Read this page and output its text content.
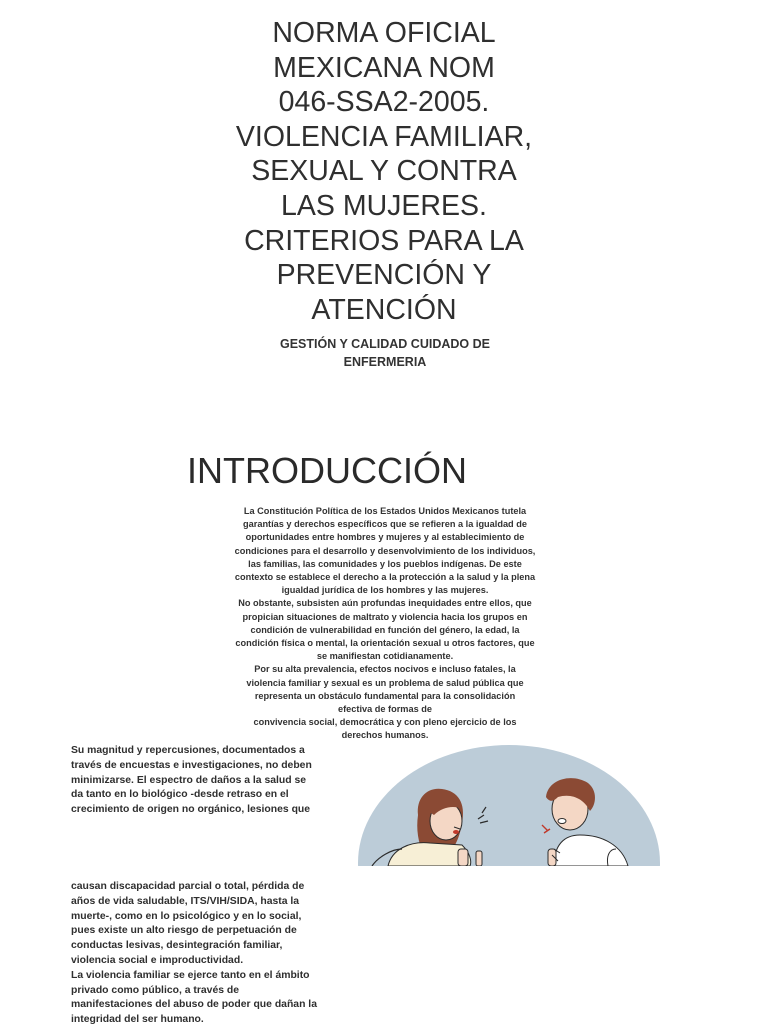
NORMA OFICIAL
MEXICANA NOM
046-SSA2-2005.
VIOLENCIA FAMILIAR,
SEXUAL Y CONTRA
LAS MUJERES.
CRITERIOS PARA LA
PREVENCIÓN Y
ATENCIÓN
GESTIÓN Y CALIDAD CUIDADO DE
ENFERMERIA
INTRODUCCIÓN

La Constitución Política de los Estados Unidos Mexicanos tutela
garantías y derechos específicos que se refieren a la igualdad de
oportunidades entre hombres y mujeres y al establecimiento de
condiciones para el desarrollo y desenvolvimiento de los individuos,
las familias, las comunidades y los pueblos indígenas. De este
contexto se establece el derecho a la protección a la salud y la plena
igualdad jurídica de los hombres y las mujeres.
No obstante, subsisten aún profundas inequidades entre ellos, que
propician situaciones de maltrato y violencia hacia los grupos en
condición de vulnerabilidad en función del género, la edad, la
condición física o mental, la orientación sexual u otros factores, que
se manifiestan cotidianamente.
Por su alta prevalencia, efectos nocivos e incluso fatales, la
violencia familiar y sexual es un problema de salud pública que
representa un obstáculo fundamental para la consolidación
efectiva de formas de
convivencia social, democrática y con pleno ejercicio de los
derechos humanos.

Su magnitud y repercusiones, documentados a
través de encuestas e investigaciones, no deben
minimizarse. El espectro de daños a la salud se
da tanto en lo biológico -desde retraso en el
crecimiento de origen no orgánico, lesiones que

causan discapacidad parcial o total, pérdida de
años de vida saludable, ITS/VIH/SIDA, hasta la
muerte-, como en lo psicológico y en lo social,
pues existe un alto riesgo de perpetuación de
conductas lesivas, desintegración familiar,
violencia social e improductividad.
La violencia familiar se ejerce tanto en el ámbito
privado como público, a través de
manifestaciones del abuso de poder que dañan la
integridad del ser humano.
